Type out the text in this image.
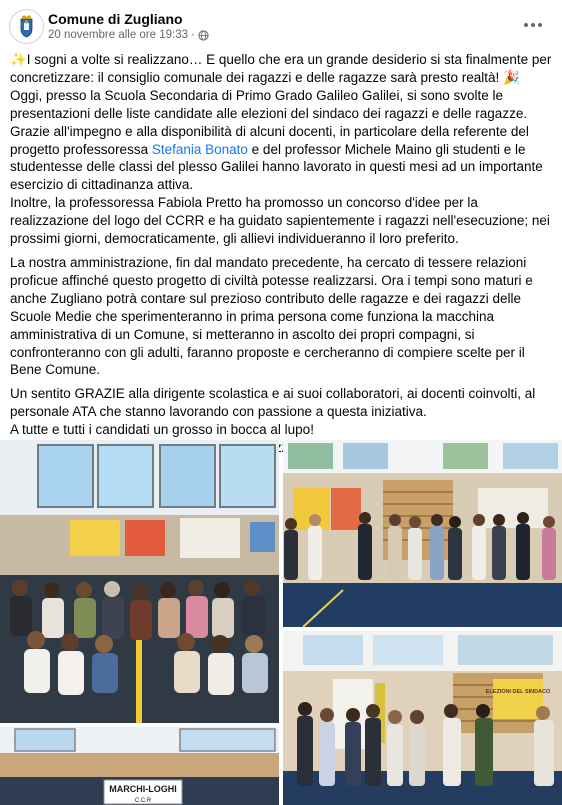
Comune di Zugliano
20 novembre alle ore 19:33 ·

✨I sogni a volte si realizzano… E quello che era un grande desiderio si sta finalmente per concretizzare: il consiglio comunale dei ragazzi e delle ragazze sarà presto realtà! 🎉
Oggi, presso la Scuola Secondaria di Primo Grado Galileo Galilei, si sono svolte le presentazioni delle liste candidate alle elezioni del sindaco dei ragazzi e delle ragazze.
Grazie all'impegno e alla disponibilità di alcuni docenti, in particolare della referente del progetto professoressa Stefania Bonato e del professor Michele Maino gli studenti e le studentesse delle classi del plesso Galilei hanno lavorato in questi mesi ad un importante esercizio di cittadinanza attiva.
Inoltre, la professoressa Fabiola Pretto ha promosso un concorso d'idee per la realizzazione del logo del CCRR e ha guidato sapientemente i ragazzi nell'esecuzione; nei prossimi giorni, democraticamente, gli allievi individueranno il loro preferito.

La nostra amministrazione, fin dal mandato precedente, ha cercato di tessere relazioni proficue affinché questo progetto di civiltà potesse realizzarsi. Ora i tempi sono maturi e anche Zugliano potrà contare sul prezioso contributo delle ragazze e dei ragazzi delle Scuole Medie che sperimenteranno in prima persona come funziona la macchina amministrativa di un Comune, si metteranno in ascolto dei propri compagni, si confronteranno con gli adulti, faranno proposte e cercheranno di compiere scelte per il Bene Comune.

Un sentito GRAZIE alla dirigente scolastica e ai suoi collaboratori, ai docenti coinvolti, al personale ATA che stanno lavorando con passione a questa iniziativa.
A tutte e tutti i candidati un grosso in bocca al lupo!

MARCHI-LOGHI
C.C.R
ELEZIONI DEL SINDACO
